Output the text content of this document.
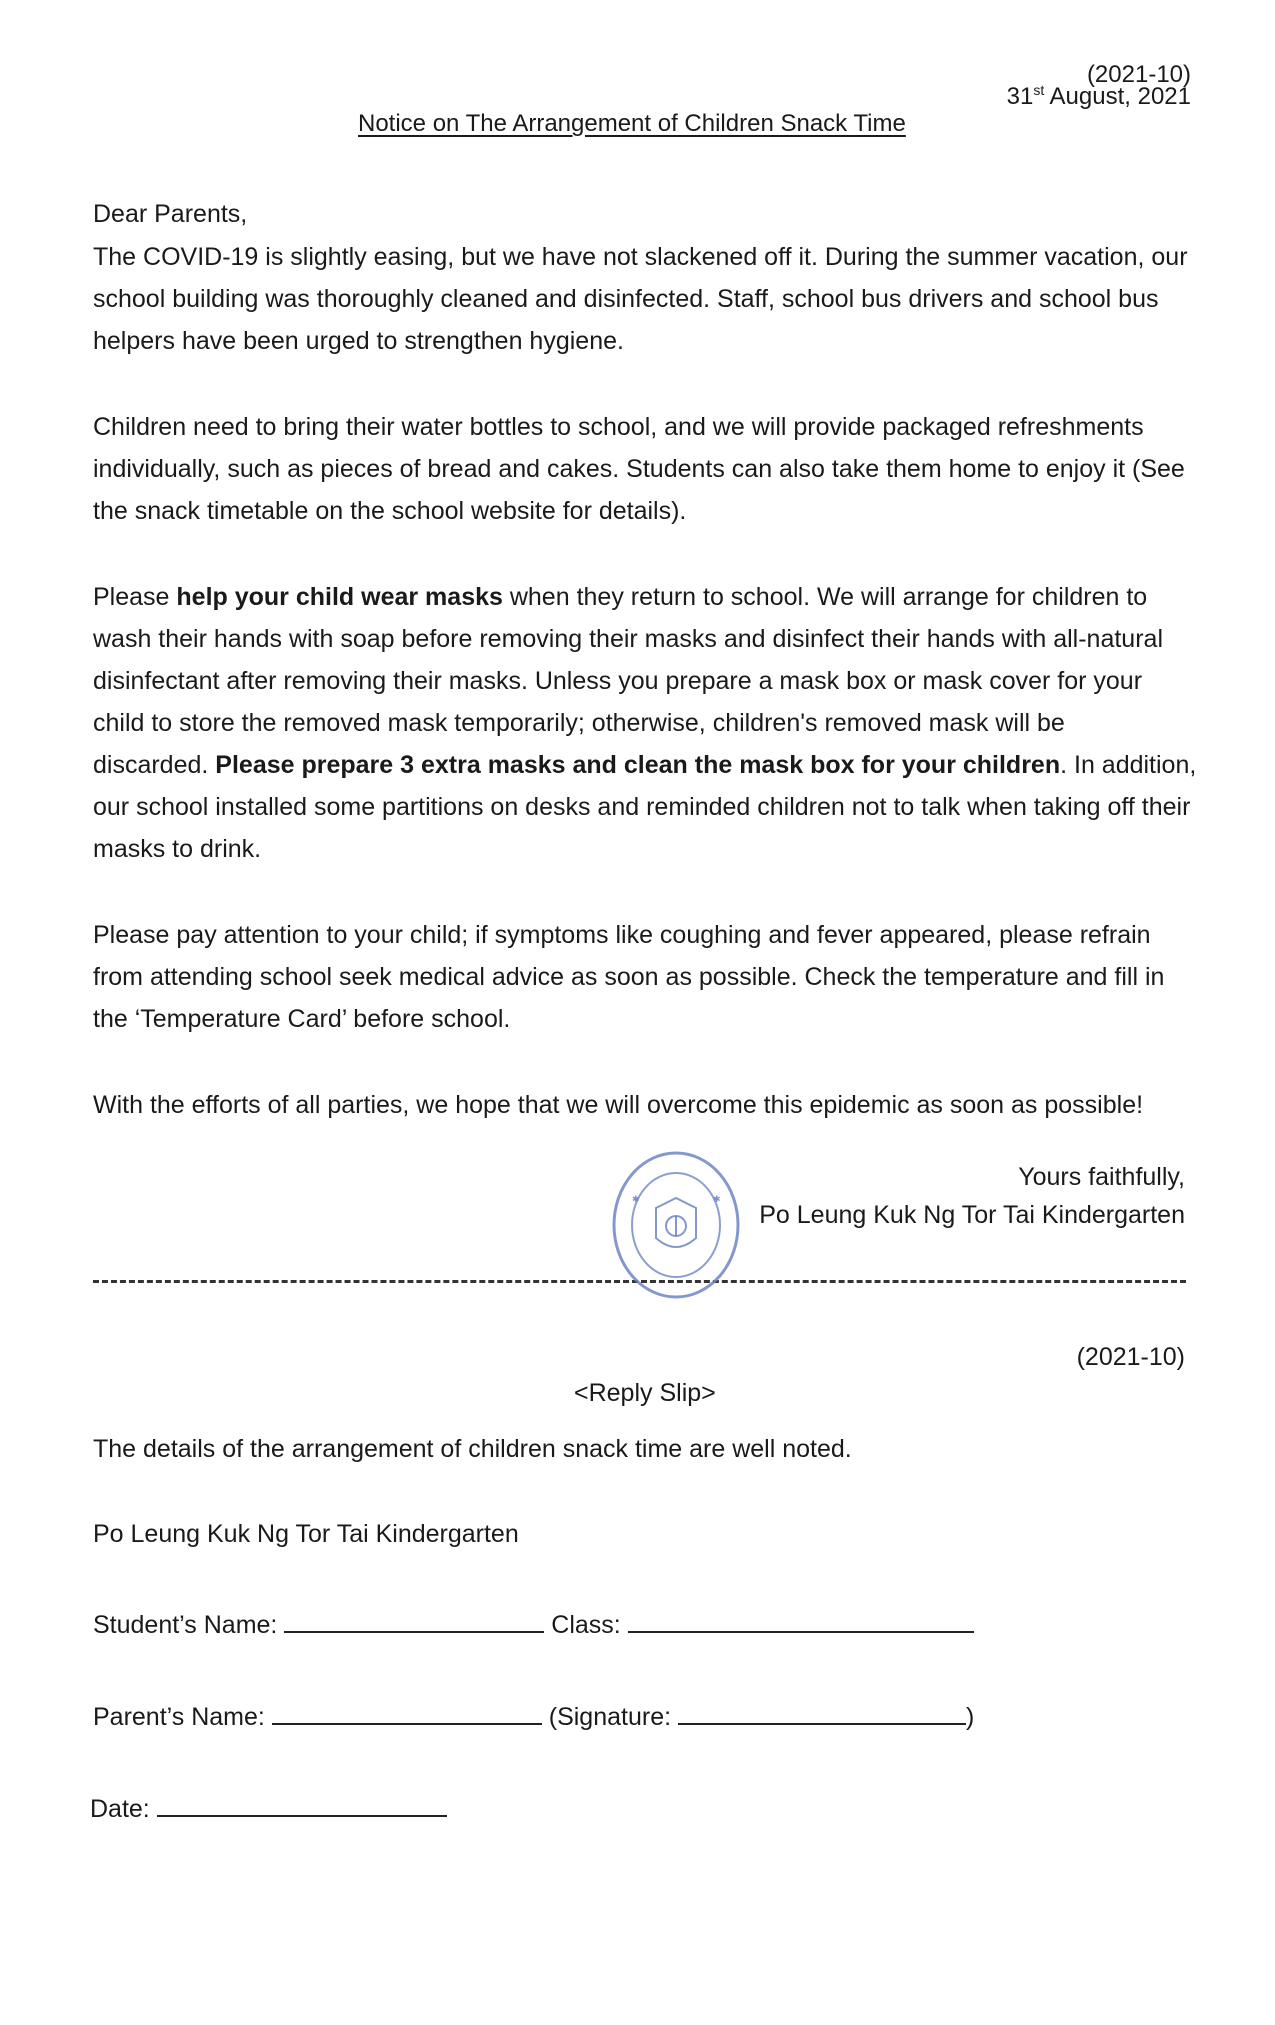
(2021-10)
31st August, 2021
Notice on The Arrangement of Children Snack Time
Dear Parents,
The COVID-19 is slightly easing, but we have not slackened off it. During the summer vacation, our
school building was thoroughly cleaned and disinfected. Staff, school bus drivers and school bus
helpers have been urged to strengthen hygiene.
Children need to bring their water bottles to school, and we will provide packaged refreshments
individually, such as pieces of bread and cakes. Students can also take them home to enjoy it (See
the snack timetable on the school website for details).
Please help your child wear masks when they return to school. We will arrange for children to
wash their hands with soap before removing their masks and disinfect their hands with all-natural
disinfectant after removing their masks. Unless you prepare a mask box or mask cover for your
child to store the removed mask temporarily; otherwise, children's removed mask will be
discarded. Please prepare 3 extra masks and clean the mask box for your children. In addition,
our school installed some partitions on desks and reminded children not to talk when taking off their
masks to drink.
Please pay attention to your child; if symptoms like coughing and fever appeared, please refrain
from attending school seek medical advice as soon as possible. Check the temperature and fill in
the ‘Temperature Card’ before school.
With the efforts of all parties, we hope that we will overcome this epidemic as soon as possible!
Yours faithfully,
Po Leung Kuk Ng Tor Tai Kindergarten
✱	✱
(2021-10)
<Reply Slip>
The details of the arrangement of children snack time are well noted.
Po Leung Kuk Ng Tor Tai Kindergarten
Student’s Name:	Class:
Parent’s Name:	(Signature:	)
Date:
